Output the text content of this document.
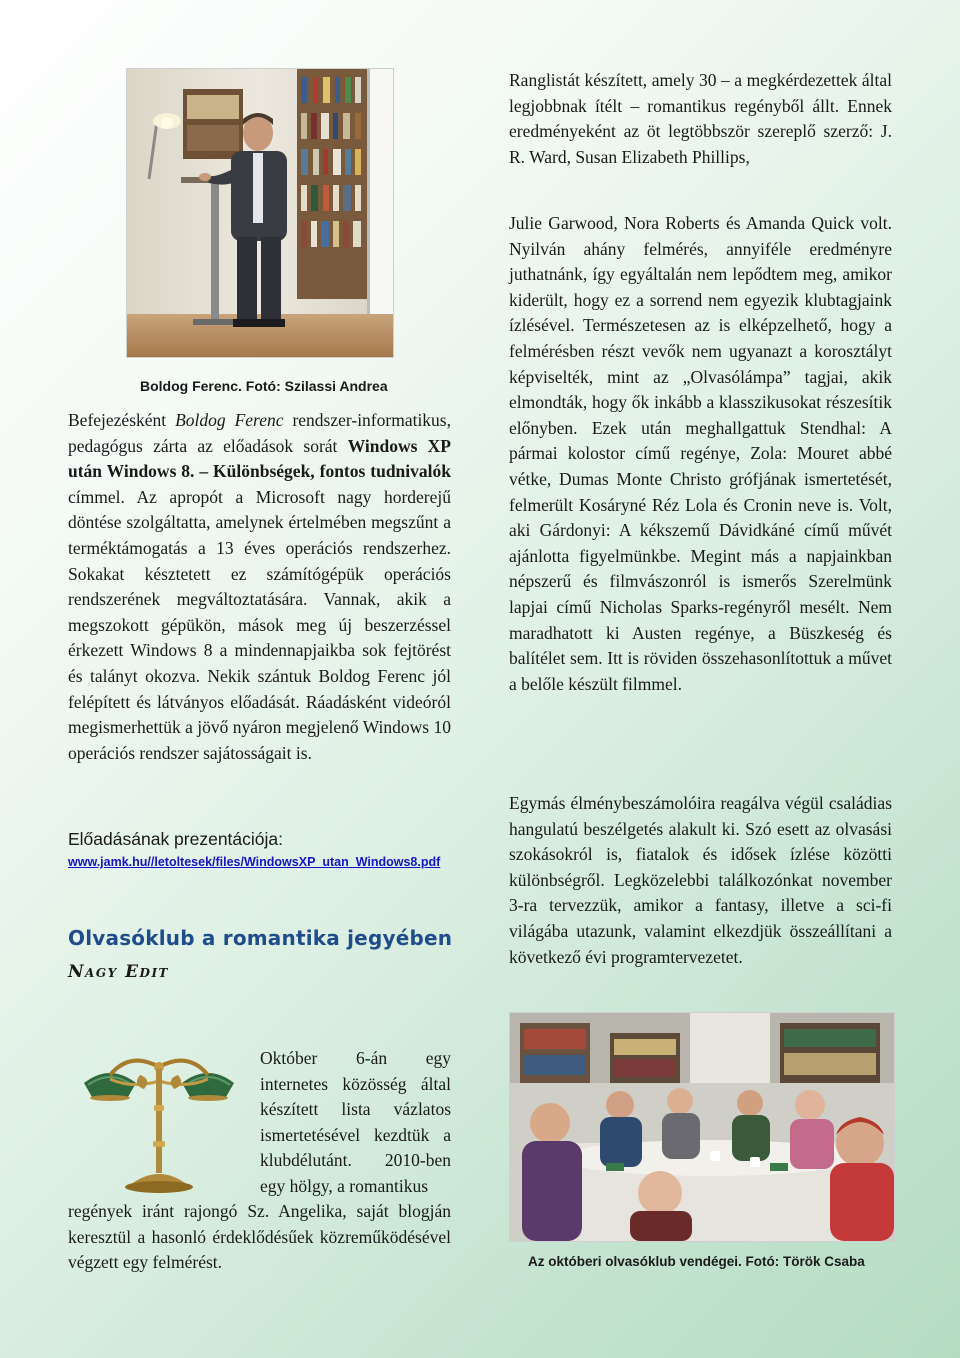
Boldog Ferenc. Fotó: Szilassi Andrea
Befejezésként Boldog Ferenc rendszer-informatikus, pedagógus zárta az előadások sorát Windows XP után Windows 8. – Különbségek, fontos tudnivalók címmel. Az apropót a Microsoft nagy horderejű döntése szolgáltatta, amelynek értelmében megszűnt a terméktámogatás a 13 éves operációs rendszerhez. Sokakat késztetett ez számítógépük operációs rendszerének megváltoztatására. Vannak, akik a megszokott gépükön, mások meg új beszerzéssel érkezett Windows 8 a mindennapjaikba sok fejtörést és talányt okozva. Nekik szántuk Boldog Ferenc jól felépített és látványos előadását. Ráadásként videóról megismerhettük a jövő nyáron megjelenő Windows 10 operációs rendszer sajátosságait is.
Előadásának prezentációja:
www.jamk.hu//letoltesek/files/WindowsXP_utan_Windows8.pdf
Olvasóklub a romantika jegyében
Nagy Edit
Október 6-án egy internetes közösség által készített lista vázlatos ismertetésével kezdtük a klubdélutánt. 2010-ben egy hölgy, a romantikus
regények iránt rajongó Sz. Angelika, saját blogján keresztül a hasonló érdeklődésűek közreműködésével végzett egy felmérést.
Ranglistát készített, amely 30 – a megkérdezettek által legjobbnak ítélt – romantikus regényből állt. Ennek eredményeként az öt legtöbbször szereplő szerző: J. R. Ward, Susan Elizabeth Phillips,
Julie Garwood, Nora Roberts és Amanda Quick volt. Nyilván ahány felmérés, annyiféle eredményre juthatnánk, így egyáltalán nem lepődtem meg, amikor kiderült, hogy ez a sorrend nem egyezik klubtagjaink ízlésével. Természetesen az is elképzelhető, hogy a felmérésben részt vevők nem ugyanazt a korosztályt képviselték, mint az „Olvasólámpa” tagjai, akik elmondták, hogy ők inkább a klasszikusokat részesítik előnyben. Ezek után meghallgattuk Stendhal: A pármai kolostor című regénye, Zola: Mouret abbé vétke, Dumas Monte Christo grófjának ismertetését, felmerült Kosáryné Réz Lola és Cronin neve is. Volt, aki Gárdonyi: A kékszemű Dávidkáné című művét ajánlotta figyelmünkbe. Megint más a napjainkban népszerű és filmvászonról is ismerős Szerelmünk lapjai című Nicholas Sparks-regényről mesélt. Nem maradhatott ki Austen regénye, a Büszkeség és balítélet sem. Itt is röviden összehasonlítottuk a művet a belőle készült filmmel.
Egymás élménybeszámolóira reagálva végül családias hangulatú beszélgetés alakult ki. Szó esett az olvasási szokásokról is, fiatalok és idősek ízlése közötti különbségről. Legközelebbi találkozónkat november 3-ra tervezzük, amikor a fantasy, illetve a sci-fi világába utazunk, valamint elkezdjük összeállítani a következő évi programtervezetet.
Az októberi olvasóklub vendégei. Fotó: Török Csaba
